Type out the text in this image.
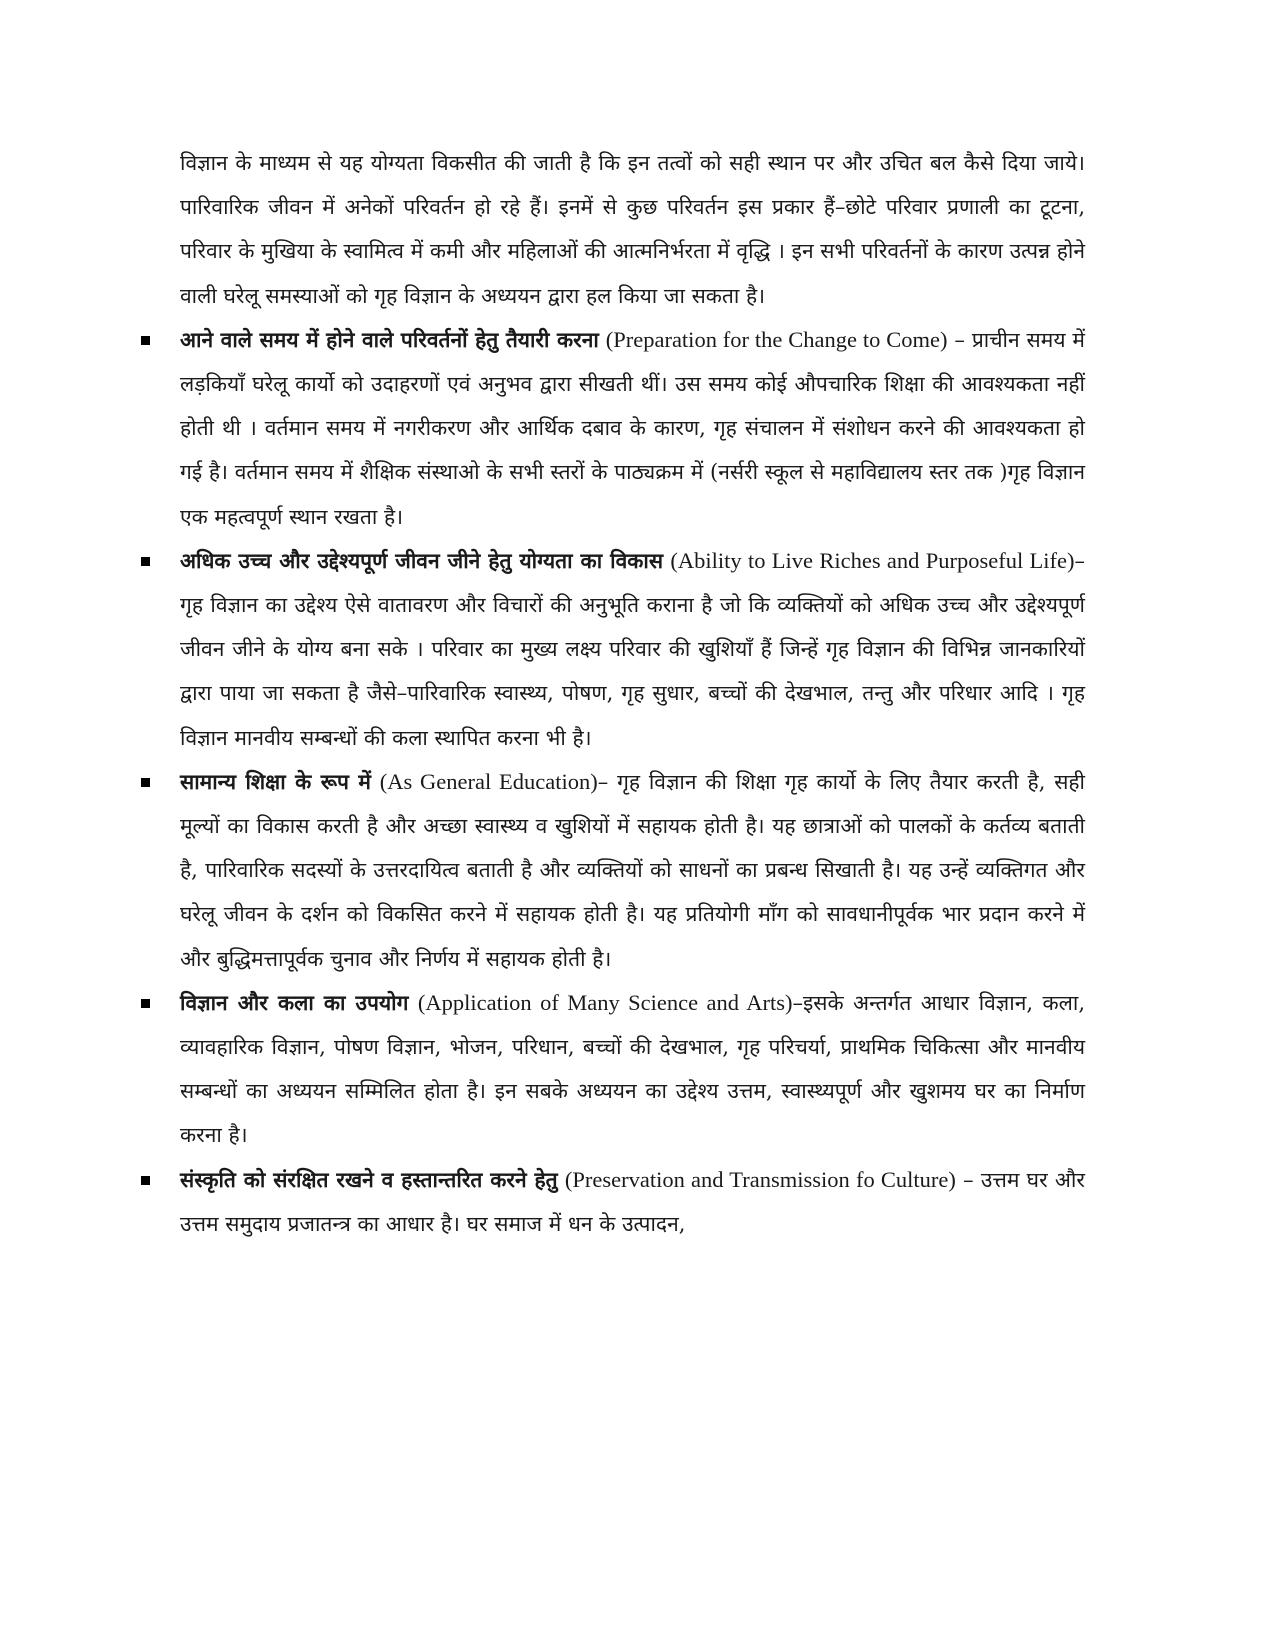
विज्ञान के माध्यम से यह योग्यता विकसीत की जाती है कि इन तत्वों को सही स्थान पर और उचित बल कैसे दिया जाये। पारिवारिक जीवन में अनेकों परिवर्तन हो रहे हैं। इनमें से कुछ परिवर्तन इस प्रकार हैं–छोटे परिवार प्रणाली का टूटना, परिवार के मुखिया के स्वामित्व में कमी और महिलाओं की आत्मनिर्भरता में वृद्धि । इन सभी परिवर्तनों के कारण उत्पन्न होने वाली घरेलू समस्याओं को गृह विज्ञान के अध्ययन द्वारा हल किया जा सकता है।

आने वाले समय में होने वाले परिवर्तनों हेतु तैयारी करना (Preparation for the Change to Come) – प्राचीन समय में लड़कियाँ घरेलू कार्यो को उदाहरणों एवं अनुभव द्वारा सीखती थीं। उस समय कोई औपचारिक शिक्षा की आवश्यकता नहीं होती थी । वर्तमान समय में नगरीकरण और आर्थिक दबाव के कारण, गृह संचालन में संशोधन करने की आवश्यकता हो गई है। वर्तमान समय में शैक्षिक संस्थाओ के सभी स्तरों के पाठ्यक्रम में (नर्सरी स्कूल से महाविद्यालय स्तर तक )गृह विज्ञान एक महत्वपूर्ण स्थान रखता है।
अधिक उच्च और उद्देश्यपूर्ण जीवन जीने हेतु योग्यता का विकास (Ability to Live Riches and Purposeful Life)–गृह विज्ञान का उद्देश्य ऐसे वातावरण और विचारों की अनुभूति कराना है जो कि व्यक्तियों को अधिक उच्च और उद्देश्यपूर्ण जीवन जीने के योग्य बना सके । परिवार का मुख्य लक्ष्य परिवार की खुशियाँ हैं जिन्हें गृह विज्ञान की विभिन्न जानकारियों द्वारा पाया जा सकता है जैसे–पारिवारिक स्वास्थ्य, पोषण, गृह सुधार, बच्चों की देखभाल, तन्तु और परिधार आदि । गृह विज्ञान मानवीय सम्बन्धों की कला स्थापित करना भी है।
सामान्य शिक्षा के रूप में (As General Education)– गृह विज्ञान की शिक्षा गृह कार्यो के लिए तैयार करती है, सही मूल्यों का विकास करती है और अच्छा स्वास्थ्य व खुशियों में सहायक होती है। यह छात्राओं को पालकों के कर्तव्य बताती है, पारिवारिक सदस्यों के उत्तरदायित्व बताती है और व्यक्तियों को साधनों का प्रबन्ध सिखाती है। यह उन्हें व्यक्तिगत और घरेलू जीवन के दर्शन को विकसित करने में सहायक होती है। यह प्रतियोगी माँग को सावधानीपूर्वक भार प्रदान करने में और बुद्धिमत्तापूर्वक चुनाव और निर्णय में सहायक होती है।
विज्ञान और कला का उपयोग (Application of Many Science and Arts)–इसके अन्तर्गत आधार विज्ञान, कला, व्यावहारिक विज्ञान, पोषण विज्ञान, भोजन, परिधान, बच्चों की देखभाल, गृह परिचर्या, प्राथमिक चिकित्सा और मानवीय सम्बन्धों का अध्ययन सम्मिलित होता है। इन सबके अध्ययन का उद्देश्य उत्तम, स्वास्थ्यपूर्ण और खुशमय घर का निर्माण करना है।
संस्कृति को संरक्षित रखने व हस्तान्तरित करने हेतु (Preservation and Transmission fo Culture) – उत्तम घर और उत्तम समुदाय प्रजातन्त्र का आधार है। घर समाज में धन के उत्पादन,
